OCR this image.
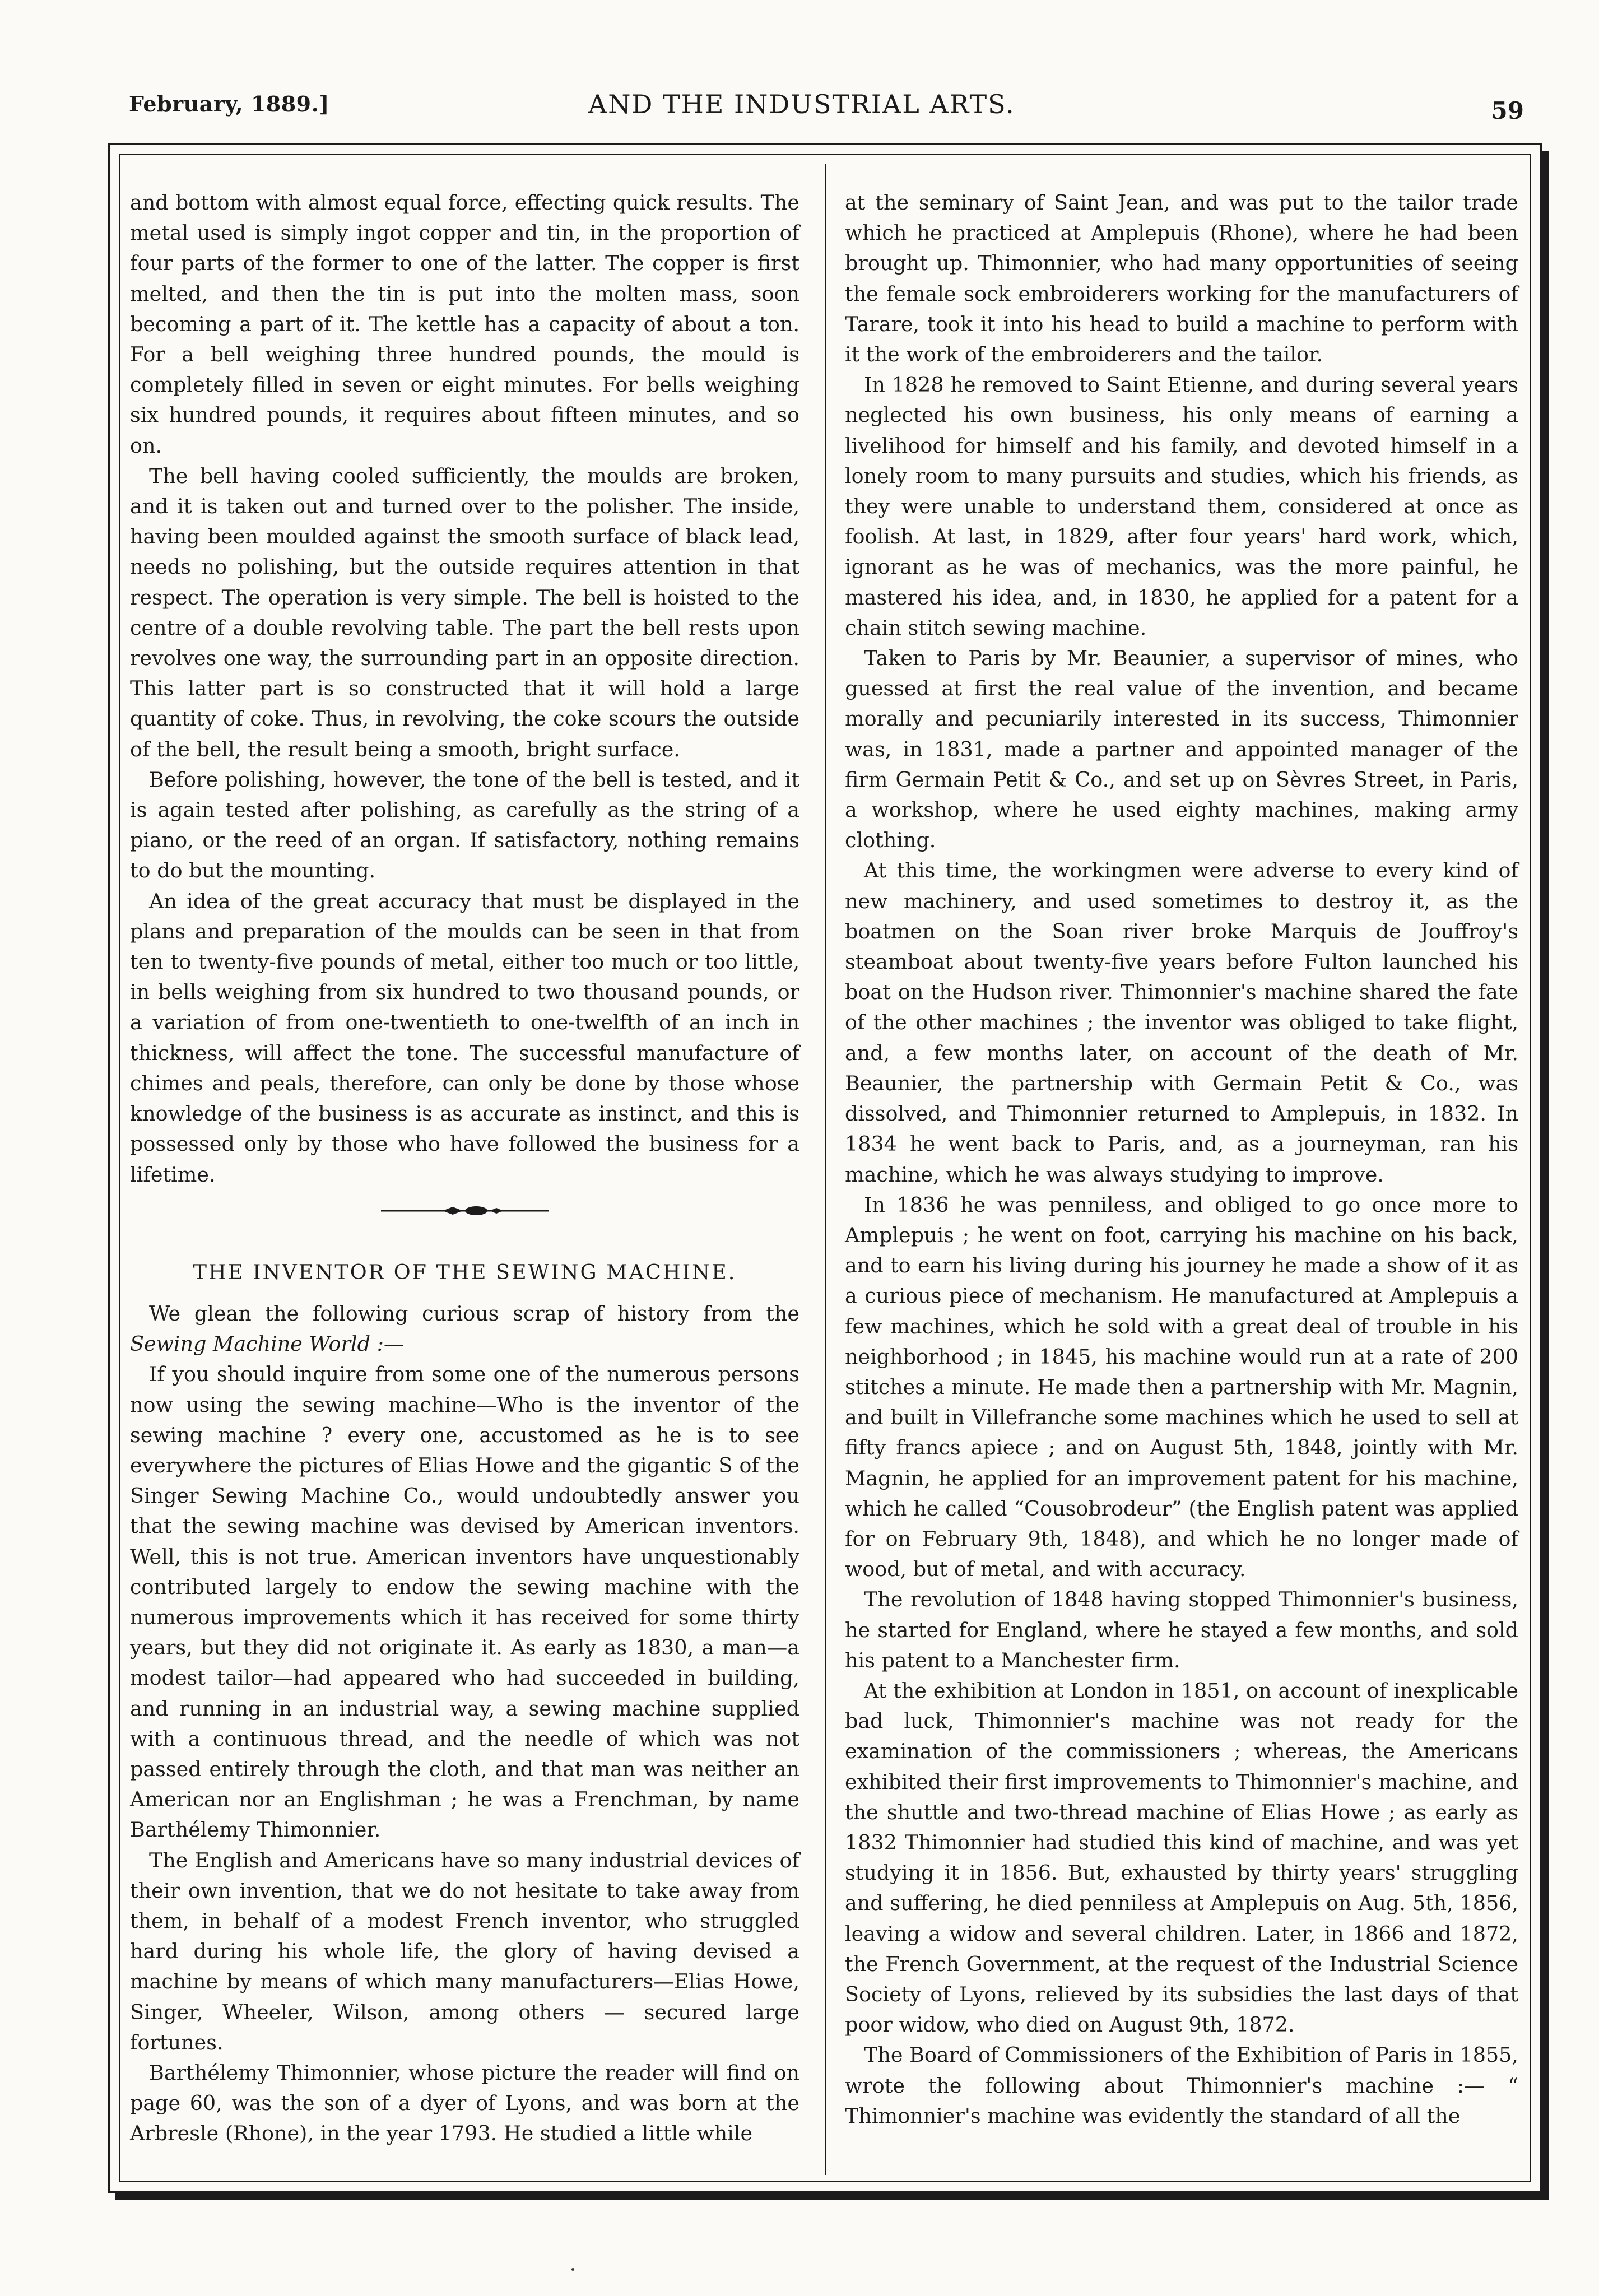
February, 1889.]	AND THE INDUSTRIAL ARTS.	59

and bottom with almost equal force, effecting quick results. The metal used is simply ingot copper and tin, in the proportion of four parts of the former to one of the latter. The copper is first melted, and then the tin is put into the molten mass, soon becoming a part of it. The kettle has a capacity of about a ton. For a bell weighing three hundred pounds, the mould is completely filled in seven or eight minutes. For bells weighing six hundred pounds, it requires about fifteen minutes, and so on.

The bell having cooled sufficiently, the moulds are broken, and it is taken out and turned over to the polisher. The inside, having been moulded against the smooth surface of black lead, needs no polishing, but the outside requires attention in that respect. The operation is very simple. The bell is hoisted to the centre of a double revolving table. The part the bell rests upon revolves one way, the surrounding part in an opposite direction. This latter part is so constructed that it will hold a large quantity of coke. Thus, in revolving, the coke scours the outside of the bell, the result being a smooth, bright surface.

Before polishing, however, the tone of the bell is tested, and it is again tested after polishing, as carefully as the string of a piano, or the reed of an organ. If satisfactory, nothing remains to do but the mounting.

An idea of the great accuracy that must be displayed in the plans and preparation of the moulds can be seen in that from ten to twenty-five pounds of metal, either too much or too little, in bells weighing from six hundred to two thousand pounds, or a variation of from one-twentieth to one-twelfth of an inch in thickness, will affect the tone. The successful manufacture of chimes and peals, therefore, can only be done by those whose knowledge of the business is as accurate as instinct, and this is possessed only by those who have followed the business for a lifetime.

THE INVENTOR OF THE SEWING MACHINE.

We glean the following curious scrap of history from the Sewing Machine World :—

If you should inquire from some one of the numerous persons now using the sewing machine—Who is the inventor of the sewing machine ? every one, accustomed as he is to see everywhere the pictures of Elias Howe and the gigantic S of the Singer Sewing Machine Co., would undoubtedly answer you that the sewing machine was devised by American inventors. Well, this is not true. American inventors have unquestionably contributed largely to endow the sewing machine with the numerous improvements which it has received for some thirty years, but they did not originate it. As early as 1830, a man—a modest tailor—had appeared who had succeeded in building, and running in an industrial way, a sewing machine supplied with a continuous thread, and the needle of which was not passed entirely through the cloth, and that man was neither an American nor an Englishman ; he was a Frenchman, by name Barthélemy Thimonnier.

The English and Americans have so many industrial devices of their own invention, that we do not hesitate to take away from them, in behalf of a modest French inventor, who struggled hard during his whole life, the glory of having devised a machine by means of which many manufacturers—Elias Howe, Singer, Wheeler, Wilson, among others — secured large fortunes.

Barthélemy Thimonnier, whose picture the reader will find on page 60, was the son of a dyer of Lyons, and was born at the Arbresle (Rhone), in the year 1793. He studied a little while

at the seminary of Saint Jean, and was put to the tailor trade which he practiced at Amplepuis (Rhone), where he had been brought up. Thimonnier, who had many opportunities of seeing the female sock embroiderers working for the manufacturers of Tarare, took it into his head to build a machine to perform with it the work of the embroiderers and the tailor.

In 1828 he removed to Saint Etienne, and during several years neglected his own business, his only means of earning a livelihood for himself and his family, and devoted himself in a lonely room to many pursuits and studies, which his friends, as they were unable to understand them, considered at once as foolish. At last, in 1829, after four years' hard work, which, ignorant as he was of mechanics, was the more painful, he mastered his idea, and, in 1830, he applied for a patent for a chain stitch sewing machine.

Taken to Paris by Mr. Beaunier, a supervisor of mines, who guessed at first the real value of the invention, and became morally and pecuniarily interested in its success, Thimonnier was, in 1831, made a partner and appointed manager of the firm Germain Petit & Co., and set up on Sèvres Street, in Paris, a workshop, where he used eighty machines, making army clothing.

At this time, the workingmen were adverse to every kind of new machinery, and used sometimes to destroy it, as the boatmen on the Soan river broke Marquis de Jouffroy's steamboat about twenty-five years before Fulton launched his boat on the Hudson river. Thimonnier's machine shared the fate of the other machines ; the inventor was obliged to take flight, and, a few months later, on account of the death of Mr. Beaunier, the partnership with Germain Petit & Co., was dissolved, and Thimonnier returned to Amplepuis, in 1832. In 1834 he went back to Paris, and, as a journeyman, ran his machine, which he was always studying to improve.

In 1836 he was penniless, and obliged to go once more to Amplepuis ; he went on foot, carrying his machine on his back, and to earn his living during his journey he made a show of it as a curious piece of mechanism. He manufactured at Amplepuis a few machines, which he sold with a great deal of trouble in his neighborhood ; in 1845, his machine would run at a rate of 200 stitches a minute. He made then a partnership with Mr. Magnin, and built in Villefranche some machines which he used to sell at fifty francs apiece ; and on August 5th, 1848, jointly with Mr. Magnin, he applied for an improvement patent for his machine, which he called “Cousobrodeur” (the English patent was applied for on February 9th, 1848), and which he no longer made of wood, but of metal, and with accuracy.

The revolution of 1848 having stopped Thimonnier's business, he started for England, where he stayed a few months, and sold his patent to a Manchester firm.

At the exhibition at London in 1851, on account of inexplicable bad luck, Thimonnier's machine was not ready for the examination of the commissioners ; whereas, the Americans exhibited their first improvements to Thimonnier's machine, and the shuttle and two-thread machine of Elias Howe ; as early as 1832 Thimonnier had studied this kind of machine, and was yet studying it in 1856. But, exhausted by thirty years' struggling and suffering, he died penniless at Amplepuis on Aug. 5th, 1856, leaving a widow and several children. Later, in 1866 and 1872, the French Government, at the request of the Industrial Science Society of Lyons, relieved by its subsidies the last days of that poor widow, who died on August 9th, 1872.

The Board of Commissioners of the Exhibition of Paris in 1855, wrote the following about Thimonnier's machine :— “ Thimonnier's machine was evidently the standard of all the
